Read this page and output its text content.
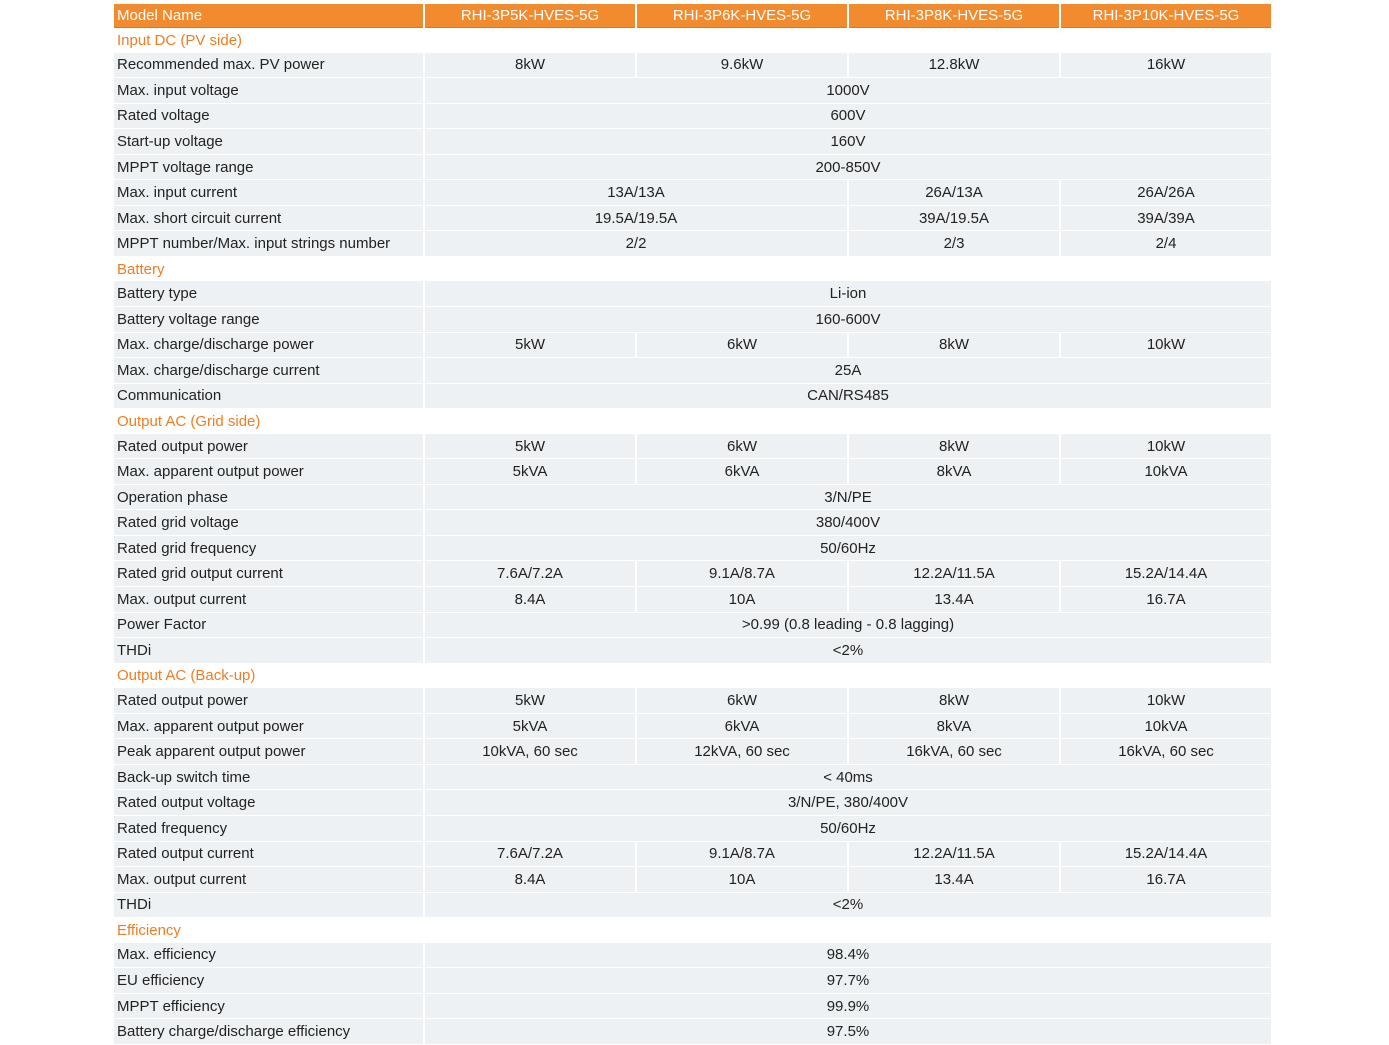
Model Name	RHI-3P5K-HVES-5G	RHI-3P6K-HVES-5G	RHI-3P8K-HVES-5G	RHI-3P10K-HVES-5G
Input DC (PV side)				
Recommended max. PV power	8kW	9.6kW	12.8kW	16kW
Max. input voltage	1000V			
Rated voltage	600V			
Start-up voltage	160V			
MPPT voltage range	200-850V			
Max. input current	13A/13A		26A/13A	26A/26A
Max. short circuit current	19.5A/19.5A		39A/19.5A	39A/39A
MPPT number/Max. input strings number	2/2		2/3	2/4
Battery				
Battery type	Li-ion			
Battery voltage range	160-600V			
Max. charge/discharge power	5kW	6kW	8kW	10kW
Max. charge/discharge current	25A			
Communication	CAN/RS485			
Output AC (Grid side)				
Rated output power	5kW	6kW	8kW	10kW
Max. apparent output power	5kVA	6kVA	8kVA	10kVA
Operation phase	3/N/PE			
Rated grid voltage	380/400V			
Rated grid frequency	50/60Hz			
Rated grid output current	7.6A/7.2A	9.1A/8.7A	12.2A/11.5A	15.2A/14.4A
Max. output current	8.4A	10A	13.4A	16.7A
Power Factor	>0.99 (0.8 leading - 0.8 lagging)			
THDi	<2%			
Output AC (Back-up)				
Rated output power	5kW	6kW	8kW	10kW
Max. apparent output power	5kVA	6kVA	8kVA	10kVA
Peak apparent output power	10kVA, 60 sec	12kVA, 60 sec	16kVA, 60 sec	16kVA, 60 sec
Back-up switch time	< 40ms			
Rated output voltage	3/N/PE, 380/400V			
Rated frequency	50/60Hz			
Rated output current	7.6A/7.2A	9.1A/8.7A	12.2A/11.5A	15.2A/14.4A
Max. output current	8.4A	10A	13.4A	16.7A
THDi	<2%			
Efficiency				
Max. efficiency	98.4%			
EU efficiency	97.7%			
MPPT efficiency	99.9%			
Battery charge/discharge efficiency	97.5%			
